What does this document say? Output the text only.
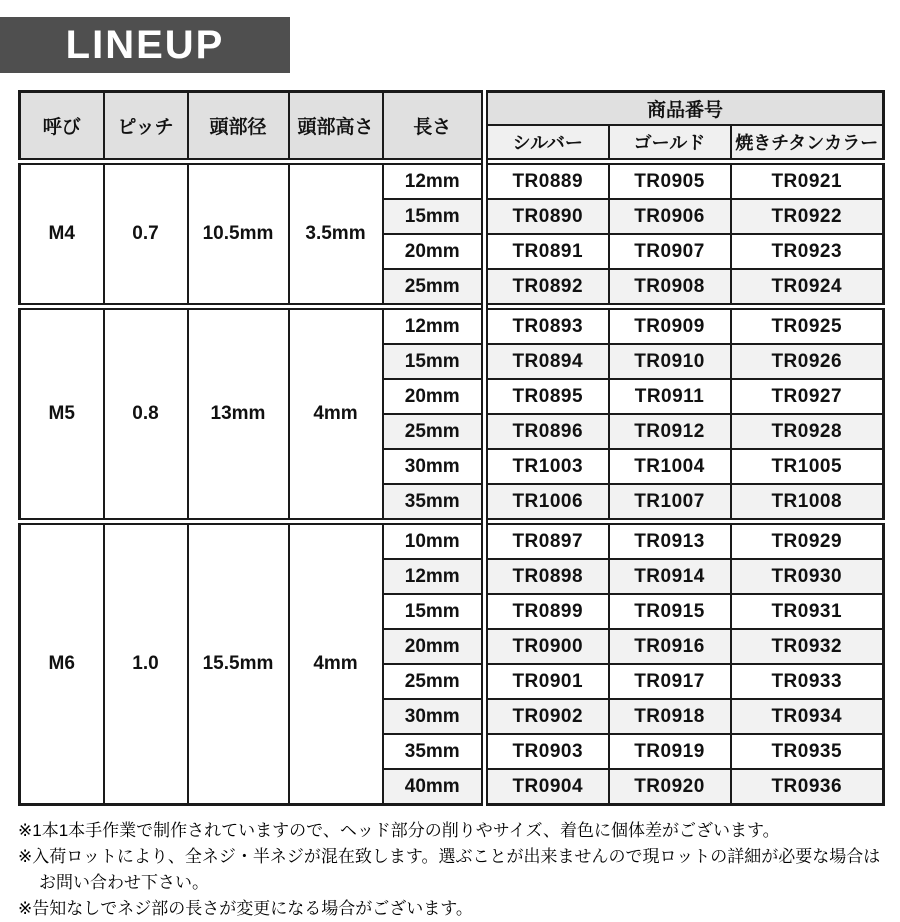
LINEUP
呼び	ピッチ	頭部径	頭部高さ	長さ	商品番号		
					シルバー	ゴールド	焼きチタンカラー
M4	0.7	10.5mm	3.5mm	12mm	TR0889	TR0905	TR0921
				15mm	TR0890	TR0906	TR0922
				20mm	TR0891	TR0907	TR0923
				25mm	TR0892	TR0908	TR0924
M5	0.8	13mm	4mm	12mm	TR0893	TR0909	TR0925
				15mm	TR0894	TR0910	TR0926
				20mm	TR0895	TR0911	TR0927
				25mm	TR0896	TR0912	TR0928
				30mm	TR1003	TR1004	TR1005
				35mm	TR1006	TR1007	TR1008
M6	1.0	15.5mm	4mm	10mm	TR0897	TR0913	TR0929
				12mm	TR0898	TR0914	TR0930
				15mm	TR0899	TR0915	TR0931
				20mm	TR0900	TR0916	TR0932
				25mm	TR0901	TR0917	TR0933
				30mm	TR0902	TR0918	TR0934
				35mm	TR0903	TR0919	TR0935
				40mm	TR0904	TR0920	TR0936
※1本1本手作業で制作されていますので、ヘッド部分の削りやサイズ、着色に個体差がございます。
※入荷ロットにより、全ネジ・半ネジが混在致します。選ぶことが出来ませんので現ロットの詳細が必要な場合は
お問い合わせ下さい。
※告知なしでネジ部の長さが変更になる場合がございます。
